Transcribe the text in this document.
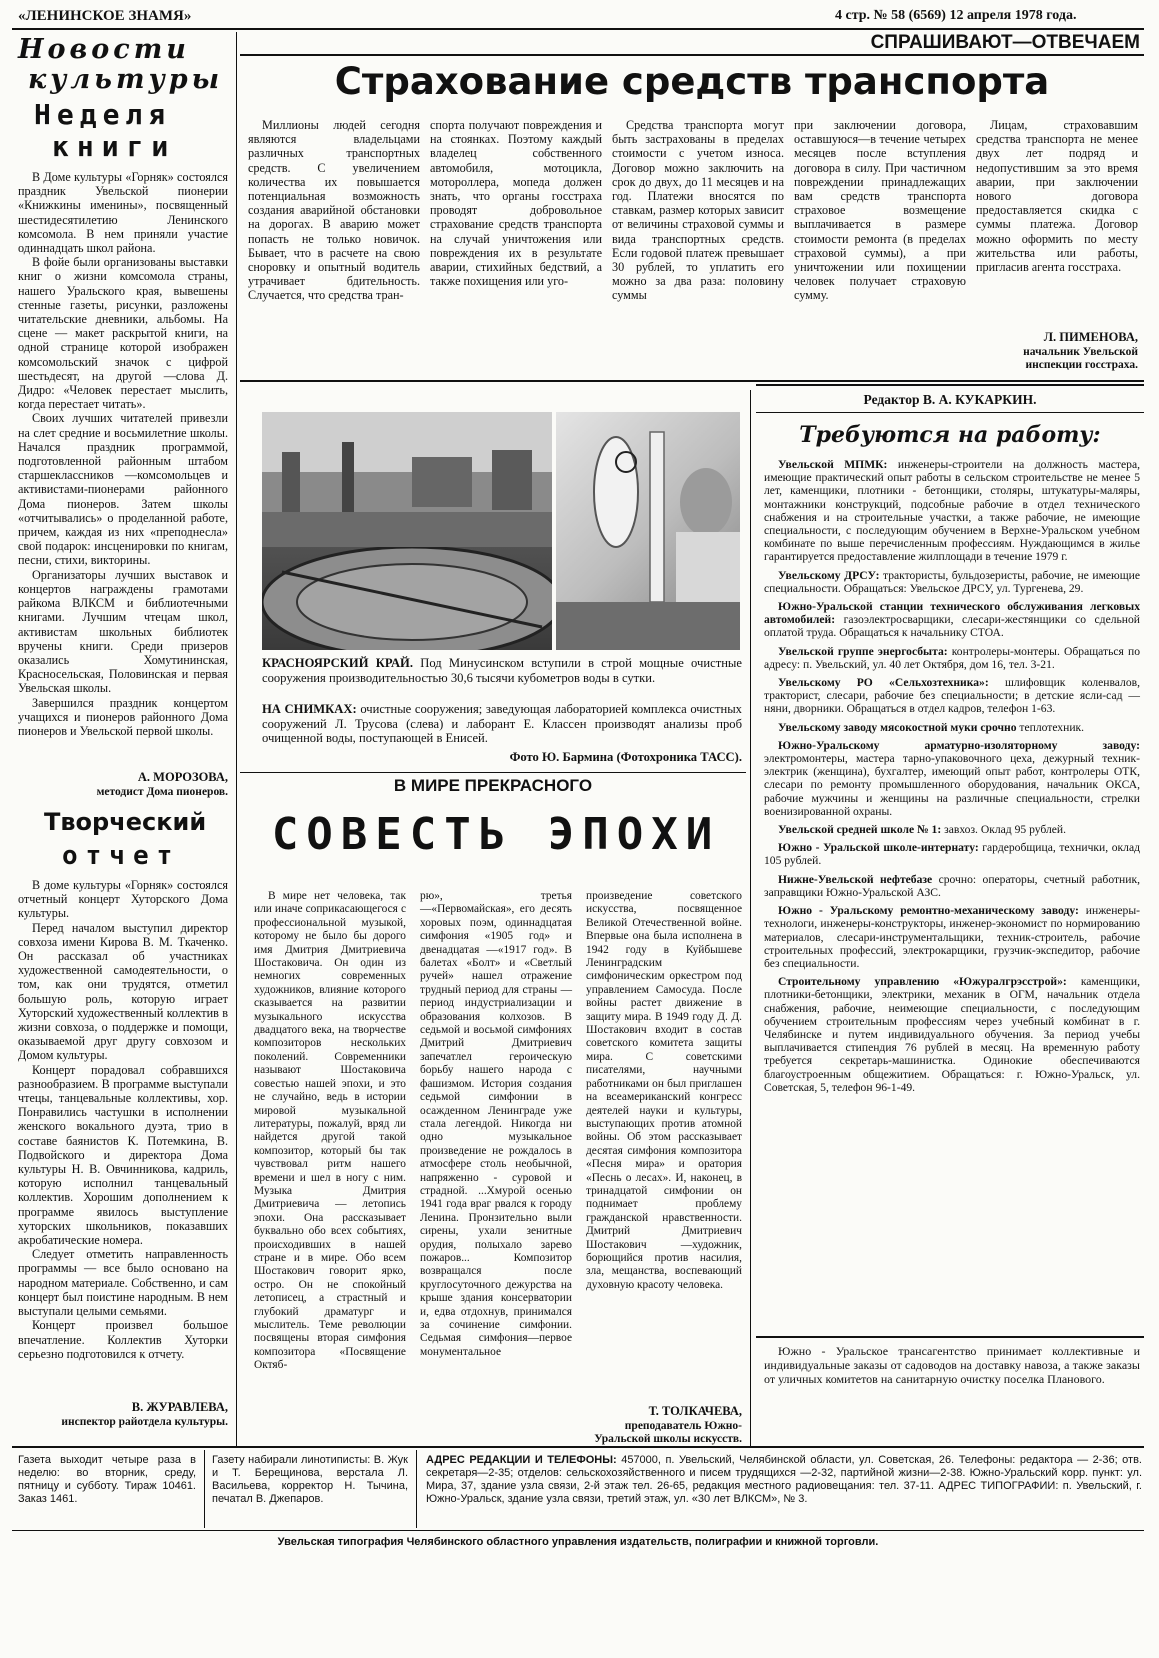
«ЛЕНИНСКОЕ ЗНАМЯ»	4 стр. № 58 (6569) 12 апреля 1978 года.
Новости
культуры
Неделя
книги

В Доме культуры «Горняк» состоялся праздник Увельской пионерии «Книжкины именины», посвященный шестидесятилетию Ленинского комсомола. В нем приняли участие одиннадцать школ района.

В фойе были организованы выставки книг о жизни комсомола страны, нашего Уральского края, вывешены стенные газеты, рисунки, разложены читательские дневники, альбомы. На сцене — макет раскрытой книги, на одной странице которой изображен комсомольский значок с цифрой шестьдесят, на другой —слова Д. Дидро: «Человек перестает мыслить, когда перестает читать».

Своих лучших читателей привезли на слет средние и восьмилетние школы. Начался праздник программой, подготовленной районным штабом старшеклассников —комсомольцев и активистами-пионерами районного Дома пионеров. Затем школы «отчитывались» о проделанной работе, причем, каждая из них «преподнесла» свой подарок: инсценировки по книгам, песни, стихи, викторины.

Организаторы лучших выставок и концертов награждены грамотами райкома ВЛКСМ и библиотечными книгами. Лучшим чтецам школ, активистам школьных библиотек вручены книги. Среди призеров оказались Хомутининская, Красносельская, Половинская и первая Увельская школы.

Завершился праздник концертом учащихся и пионеров районного Дома пионеров и Увельской первой школы.

А. МОРОЗОВА,
методист Дома пионеров.
Творческий
отчет

В доме культуры «Горняк» состоялся отчетный концерт Хуторского Дома культуры.

Перед началом выступил директор совхоза имени Кирова В. М. Ткаченко. Он рассказал об участниках художественной самодеятельности, о том, как они трудятся, отметил большую роль, которую играет Хуторский художественный коллектив в жизни совхоза, о поддержке и помощи, оказываемой друг другу совхозом и Домом культуры.

Концерт порадовал собравшихся разнообразием. В программе выступали чтецы, танцевальные коллективы, хор. Понравились частушки в исполнении женского вокального дуэта, трио в составе баянистов К. Потемкина, В. Подвойского и директора Дома культуры Н. В. Овчинникова, кадриль, которую исполнил танцевальный коллектив. Хорошим дополнением к программе явилось выступление хуторских школьников, показавших акробатические номера.

Следует отметить направленность программы — все было основано на народном материале. Собственно, и сам концерт был поистине народным. В нем выступали целыми семьями.

Концерт произвел большое впечатление. Коллектив Хуторки серьезно подготовился к отчету.

В. ЖУРАВЛЕВА,
инспектор райотдела культуры.
СПРАШИВАЮТ—ОТВЕЧАЕМ
Страхование средств транспорта

Миллионы людей сегодня являются владельцами различных транспортных средств. С увеличением количества их повышается потенциальная возможность создания аварийной обстановки на дорогах. В аварию может попасть не только новичок. Бывает, что в расчете на свою сноровку и опытный водитель утрачивает бдительность. Случается, что средства тран-

спорта получают повреждения и на стоянках. Поэтому каждый владелец собственного автомобиля, мотоцикла, мотороллера, мопеда должен знать, что органы госстраха проводят добровольное страхование средств транспорта на случай уничтожения или повреждения их в результате аварии, стихийных бедствий, а также похищения или уго-

Средства транспорта могут быть застрахованы в пределах стоимости с учетом износа. Договор можно заключить на срок до двух, до 11 месяцев и на год. Платежи вносятся по ставкам, размер которых зависит от величины страховой суммы и вида транспортных средств. Если годовой платеж превышает 30 рублей, то уплатить его можно за два раза: половину суммы

при заключении договора, оставшуюся—в течение четырех месяцев после вступления договора в силу. При частичном повреждении принадлежащих вам средств транспорта страховое возмещение выплачивается в размере стоимости ремонта (в пределах страховой суммы), а при уничтожении или похищении человек получает страховую сумму.

Лицам, страховавшим средства транспорта не менее двух лет подряд и недопустившим за это время аварии, при заключении нового договора предоставляется скидка с суммы платежа. Договор можно оформить по месту жительства или работы, пригласив агента госстраха.

Л. ПИМЕНОВА,
начальник Увельской инспекции госстраха.
КРАСНОЯРСКИЙ КРАЙ. Под Минусинском вступили в строй мощные очистные сооружения производительностью 30,6 тысячи кубометров воды в сутки.
НА СНИМКАХ: очистные сооружения; заведующая лабораторией комплекса очистных сооружений Л. Трусова (слева) и лаборант Е. Классен производят анализы проб очищенной воды, поступающей в Енисей.
Фото Ю. Бармина (Фотохроника ТАСС).
В МИРЕ ПРЕКРАСНОГО
СОВЕСТЬ ЭПОХИ

В мире нет человека, так или иначе соприкасающегося с профессиональной музыкой, которому не было бы дорого имя Дмитрия Дмитриевича Шостаковича. Он один из немногих современных художников, влияние которого сказывается на развитии музыкального искусства двадцатого века, на творчестве композиторов нескольких поколений. Современники называют Шостаковича совестью нашей эпохи, и это не случайно, ведь в истории мировой музыкальной литературы, пожалуй, вряд ли найдется другой такой композитор, который бы так чувствовал ритм нашего времени и шел в ногу с ним. Музыка Дмитрия Дмитриевича — летопись эпохи. Она рассказывает буквально обо всех событиях, происходивших в нашей стране и в мире. Обо всем Шостакович говорит ярко, остро. Он не спокойный летописец, а страстный и глубокий драматург и мыслитель. Теме революции посвящены вторая симфония композитора «Посвящение Октяб-

рю», третья —«Первомайская», его десять хоровых поэм, одиннадцатая симфония «1905 год» и двенадцатая —«1917 год». В балетах «Болт» и «Светлый ручей» нашел отражение трудный период для страны —период индустриализации и образования колхозов. В седьмой и восьмой симфониях Дмитрий Дмитриевич запечатлел героическую борьбу нашего народа с фашизмом. История создания седьмой симфонии в осажденном Ленинграде уже стала легендой. Никогда ни одно музыкальное произведение не рождалось в атмосфере столь необычной, напряженно - суровой и страдной. ...Хмурой осенью 1941 года враг рвался к городу Ленина. Пронзительно выли сирены, ухали зенитные орудия, полыхало зарево пожаров... Композитор возвращался после круглосуточного дежурства на крыше здания консерватории и, едва отдохнув, принимался за сочинение симфонии. Седьмая симфония—первое монументальное

произведение советского искусства, посвященное Великой Отечественной войне. Впервые она была исполнена в 1942 году в Куйбышеве Ленинградским симфоническим оркестром под управлением Самосуда. После войны растет движение в защиту мира. В 1949 году Д. Д. Шостакович входит в состав советского комитета защиты мира. С советскими писателями, научными работниками он был приглашен на всеамериканский конгресс деятелей науки и культуры, выступающих против атомной войны. Об этом рассказывает десятая симфония композитора «Песня мира» и оратория «Песнь о лесах». И, наконец, в тринадцатой симфонии он поднимает проблему гражданской нравственности. Дмитрий Дмитриевич Шостакович —художник, борющийся против насилия, зла, мещанства, воспевающий духовную красоту человека.

Т. ТОЛКАЧЕВА,
преподаватель Южно-Уральской школы искусств.
Редактор В. А. КУКАРКИН.
Требуются на работу:

Увельской МПМК: инженеры-строители на должность мастера, имеющие практический опыт работы в сельском строительстве не менее 5 лет, каменщики, плотники - бетонщики, столяры, штукатуры-маляры, монтажники конструкций, подсобные рабочие в отдел технического снабжения и на строительные участки, а также рабочие, не имеющие специальности, с последующим обучением в Верхне-Уральском учебном комбинате по выше перечисленным профессиям. Нуждающимся в жилье гарантируется предоставление жилплощади в течение 1979 г.

Увельскому ДРСУ: трактористы, бульдозеристы, рабочие, не имеющие специальности. Обращаться: Увельское ДРСУ, ул. Тургенева, 29.

Южно-Уральской станции технического обслуживания легковых автомобилей: газоэлектросварщики, слесари-жестянщики со сдельной оплатой труда. Обращаться к начальнику СТОА.

Увельской группе энергосбыта: контролеры-монтеры. Обращаться по адресу: п. Увельский, ул. 40 лет Октября, дом 16, тел. 3-21.

Увельскому РО «Сельхозтехника»: шлифовщик коленвалов, тракторист, слесари, рабочие без специальности; в детские ясли-сад — няни, дворники. Обращаться в отдел кадров, телефон 1-63.

Увельскому заводу мясокостной муки срочно теплотехник.

Южно-Уральскому арматурно-изоляторному заводу: электромонтеры, мастера тарно-упаковочного цеха, дежурный техник-электрик (женщина), бухгалтер, имеющий опыт работ, контролеры ОТК, слесари по ремонту промышленного оборудования, начальник ОКСА, рабочие мужчины и женщины на различные специальности, стрелки военизированной охраны.

Увельской средней школе № 1: завхоз. Оклад 95 рублей.

Южно - Уральской школе-интернату: гардеробщица, технички, оклад 105 рублей.

Нижне-Увельской нефтебазе срочно: операторы, счетный работник, заправщики Южно-Уральской АЗС.

Южно - Уральскому ремонтно-механическому заводу: инженеры-технологи, инженеры-конструкторы, инженер-экономист по нормированию материалов, слесари-инструментальщики, техник-строитель, рабочие строительных профессий, электрокарщики, грузчик-экспедитор, рабочие без специальности.

Строительному управлению «Южуралгрэсстрой»: каменщики, плотники-бетонщики, электрики, механик в ОГМ, начальник отдела снабжения, рабочие, неимеющие специальности, с последующим обучением строительным профессиям через учебный комбинат в г. Челябинске и путем индивидуального обучения. За период учебы выплачивается стипендия 76 рублей в месяц. На временную работу требуется секретарь-машинистка. Одинокие обеспечиваются благоустроенным общежитием. Обращаться: г. Южно-Уральск, ул. Советская, 5, телефон 96-1-49.

Южно - Уральское трансагентство принимает коллективные и индивидуальные заказы от садоводов на доставку навоза, а также заказы от уличных комитетов на санитарную очистку поселка Планового.

Газета выходит четыре раза в неделю: во вторник, среду, пятницу и субботу. Тираж 10461. Заказ 1461.
Газету набирали линотиписты: В. Жук и Т. Берещинова, верстала Л. Васильева, корректор Н. Тычина, печатал В. Джепаров.
АДРЕС РЕДАКЦИИ И ТЕЛЕФОНЫ: 457000, п. Увельский, Челябинской области, ул. Советская, 26. Телефоны: редактора — 2-36; отв. секретаря—2-35; отделов: сельскохозяйственного и писем трудящихся —2-32, партийной жизни—2-38. Южно-Уральский корр. пункт: ул. Мира, 37, здание узла связи, 2-й этаж тел. 26-65, редакция местного радиовещания: тел. 37-11. АДРЕС ТИПОГРАФИИ: п. Увельский, г. Южно-Уральск, здание узла связи, третий этаж, ул. «30 лет ВЛКСМ», № 3.
Увельская типография Челябинского областного управления издательств, полиграфии и книжной торговли.
